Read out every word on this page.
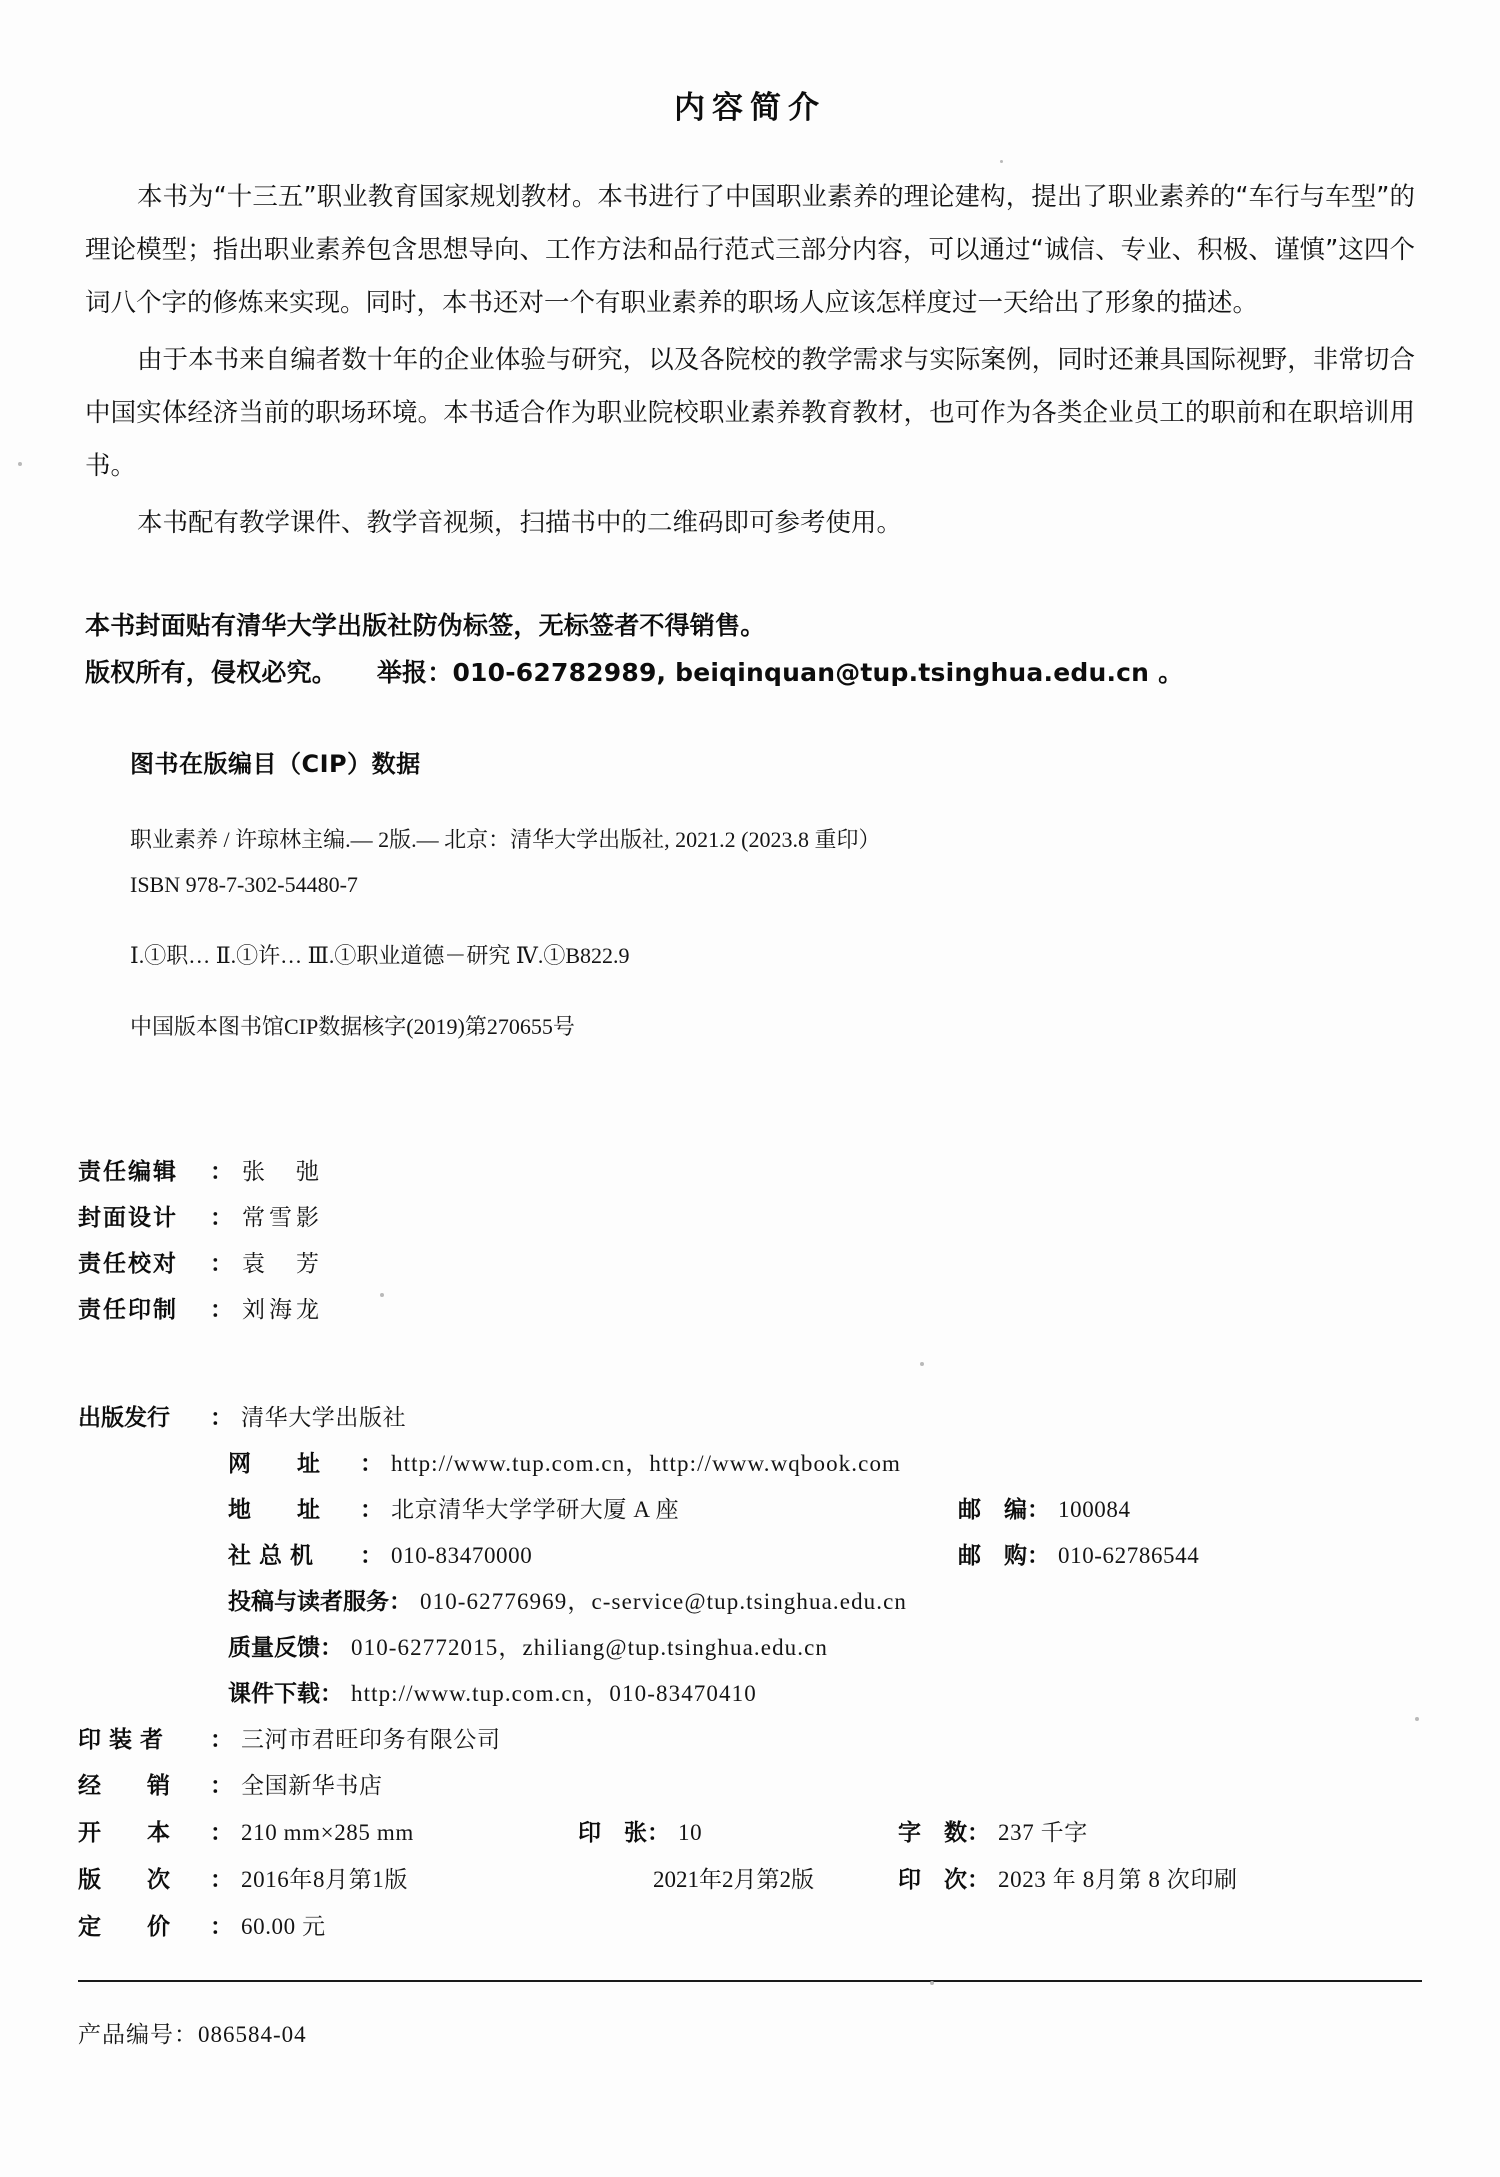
内容简介

本书为“十三五”职业教育国家规划教材。本书进行了中国职业素养的理论建构，提出了职业素养的“车行与车型”的理论模型；指出职业素养包含思想导向、工作方法和品行范式三部分内容，可以通过“诚信、专业、积极、谨慎”这四个词八个字的修炼来实现。同时，本书还对一个有职业素养的职场人应该怎样度过一天给出了形象的描述。

由于本书来自编者数十年的企业体验与研究，以及各院校的教学需求与实际案例，同时还兼具国际视野，非常切合中国实体经济当前的职场环境。本书适合作为职业院校职业素养教育教材，也可作为各类企业员工的职前和在职培训用书。

本书配有教学课件、教学音视频，扫描书中的二维码即可参考使用。

本书封面贴有清华大学出版社防伪标签，无标签者不得销售。
版权所有，侵权必究。 举报：010-62782989, beiqinquan@tup.tsinghua.edu.cn 。
图书在版编目（CIP）数据
职业素养 / 许琼林主编.— 2版.— 北京：清华大学出版社, 2021.2 (2023.8 重印）
ISBN 978-7-302-54480-7
Ⅰ.①职… Ⅱ.①许… Ⅲ.①职业道德－研究 Ⅳ.①B822.9
中国版本图书馆CIP数据核字(2019)第270655号
责任编辑	： 张　弛
封面设计	： 常雪影
责任校对	： 袁　芳
责任印制	： 刘海龙
出版发行	： 清华大学出版社
网　　址	： http://www.tup.com.cn，http://www.wqbook.com
地　　址	： 北京清华大学学研大厦 A 座	邮　编 ： 100084
社 总 机	： 010-83470000	邮　购 ： 010-62786544
投稿与读者服务 ： 010-62776969，c-service@tup.tsinghua.edu.cn
质量反馈 ： 010-62772015，zhiliang@tup.tsinghua.edu.cn
课件下载 ： http://www.tup.com.cn，010-83470410
印 装 者	： 三河市君旺印务有限公司
经　　销	： 全国新华书店
开　　本	： 210 mm×285 mm	印　张 ： 10	字　数 ： 237 千字
版　　次	： 2016年8月第1版	2021年2月第2版	印　次 ： 2023 年 8月第 8 次印刷
定　　价	： 60.00 元
产品编号：086584-04
